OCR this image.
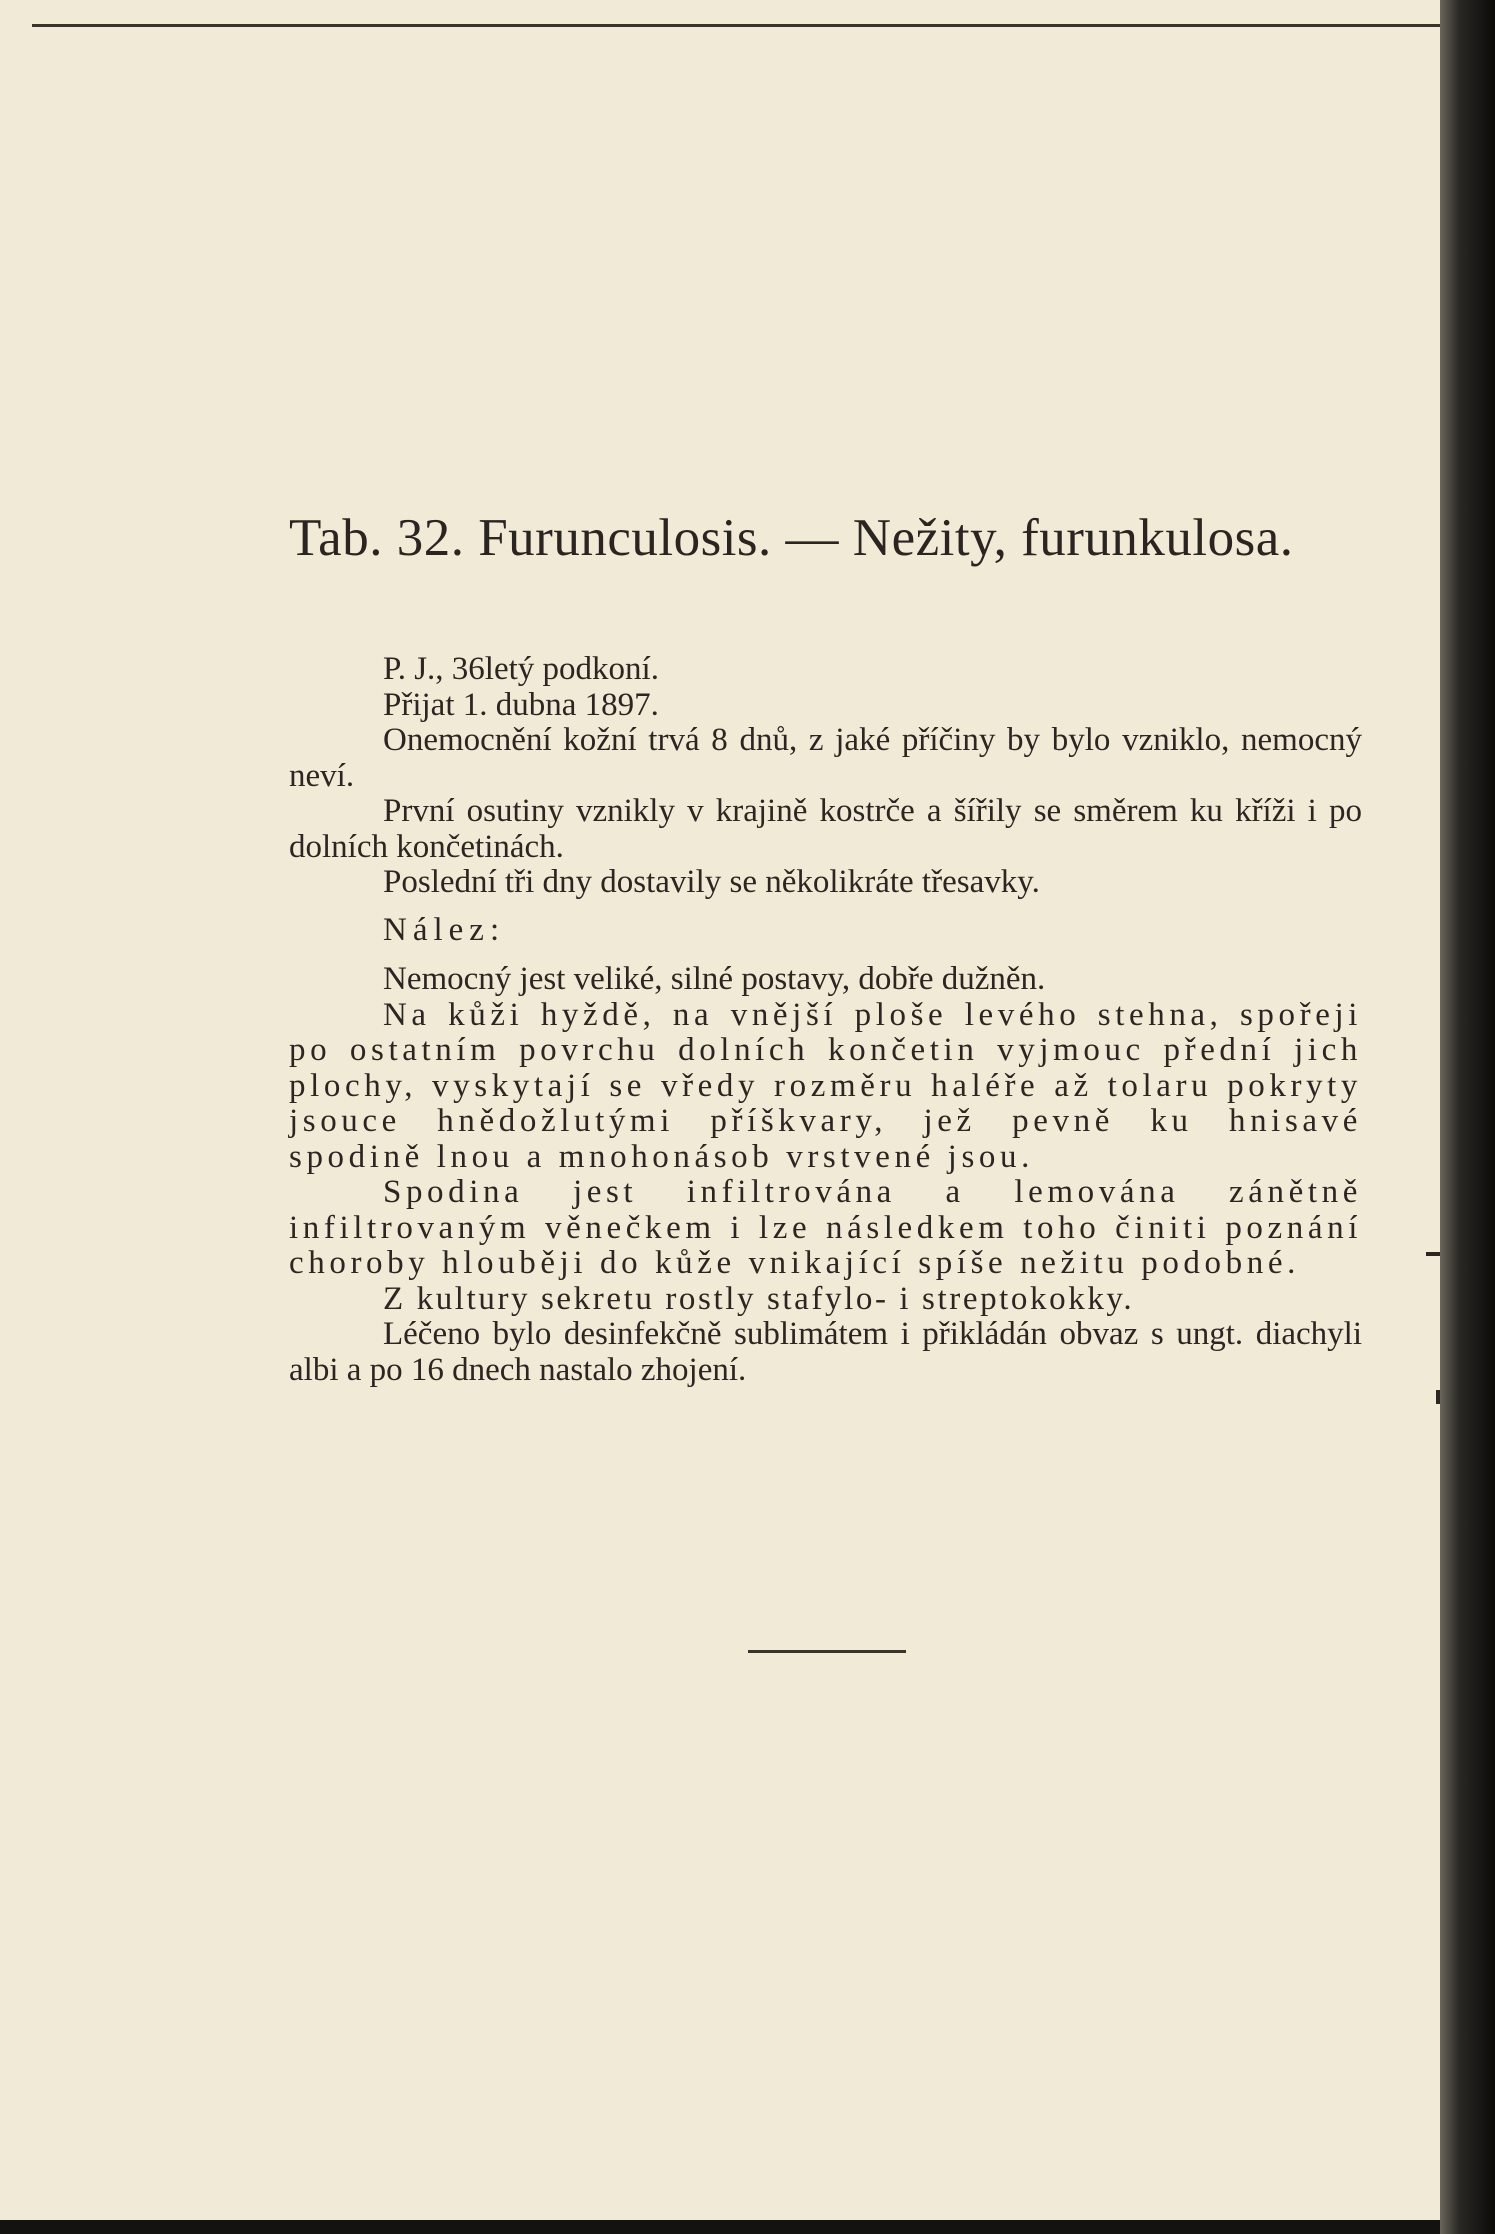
Tab. 32. Furunculosis. — Nežity, furunkulosa.

P. J., 36letý podkoní.

Přijat 1. dubna 1897.

Onemocnění kožní trvá 8 dnů, z jaké příčiny by bylo vzniklo, nemocný neví.

První osutiny vznikly v krajině kostrče a šířily se směrem ku kříži i po dolních končetinách.

Poslední tři dny dostavily se několikráte třesavky.

Nález:

Nemocný jest veliké, silné postavy, dobře dužněn.

Na kůži hyždě, na vnější ploše levého stehna, spořeji po ostatním povrchu dolních končetin vyjmouc přední jich plochy, vyskytají se vředy rozměru haléře až tolaru pokryty jsouce hnědožlutými příškvary, jež pevně ku hnisavé spodině lnou a mnohonásob vrstvené jsou.

Spodina jest infiltrována a lemována zánětně infiltrovaným věnečkem i lze následkem toho činiti poznání choroby hlouběji do kůže vnikající spíše nežitu podobné.

Z kultury sekretu rostly stafylo- i streptokokky.

Léčeno bylo desinfekčně sublimátem i přikládán obvaz s ungt. diachyli albi a po 16 dnech nastalo zhojení.
